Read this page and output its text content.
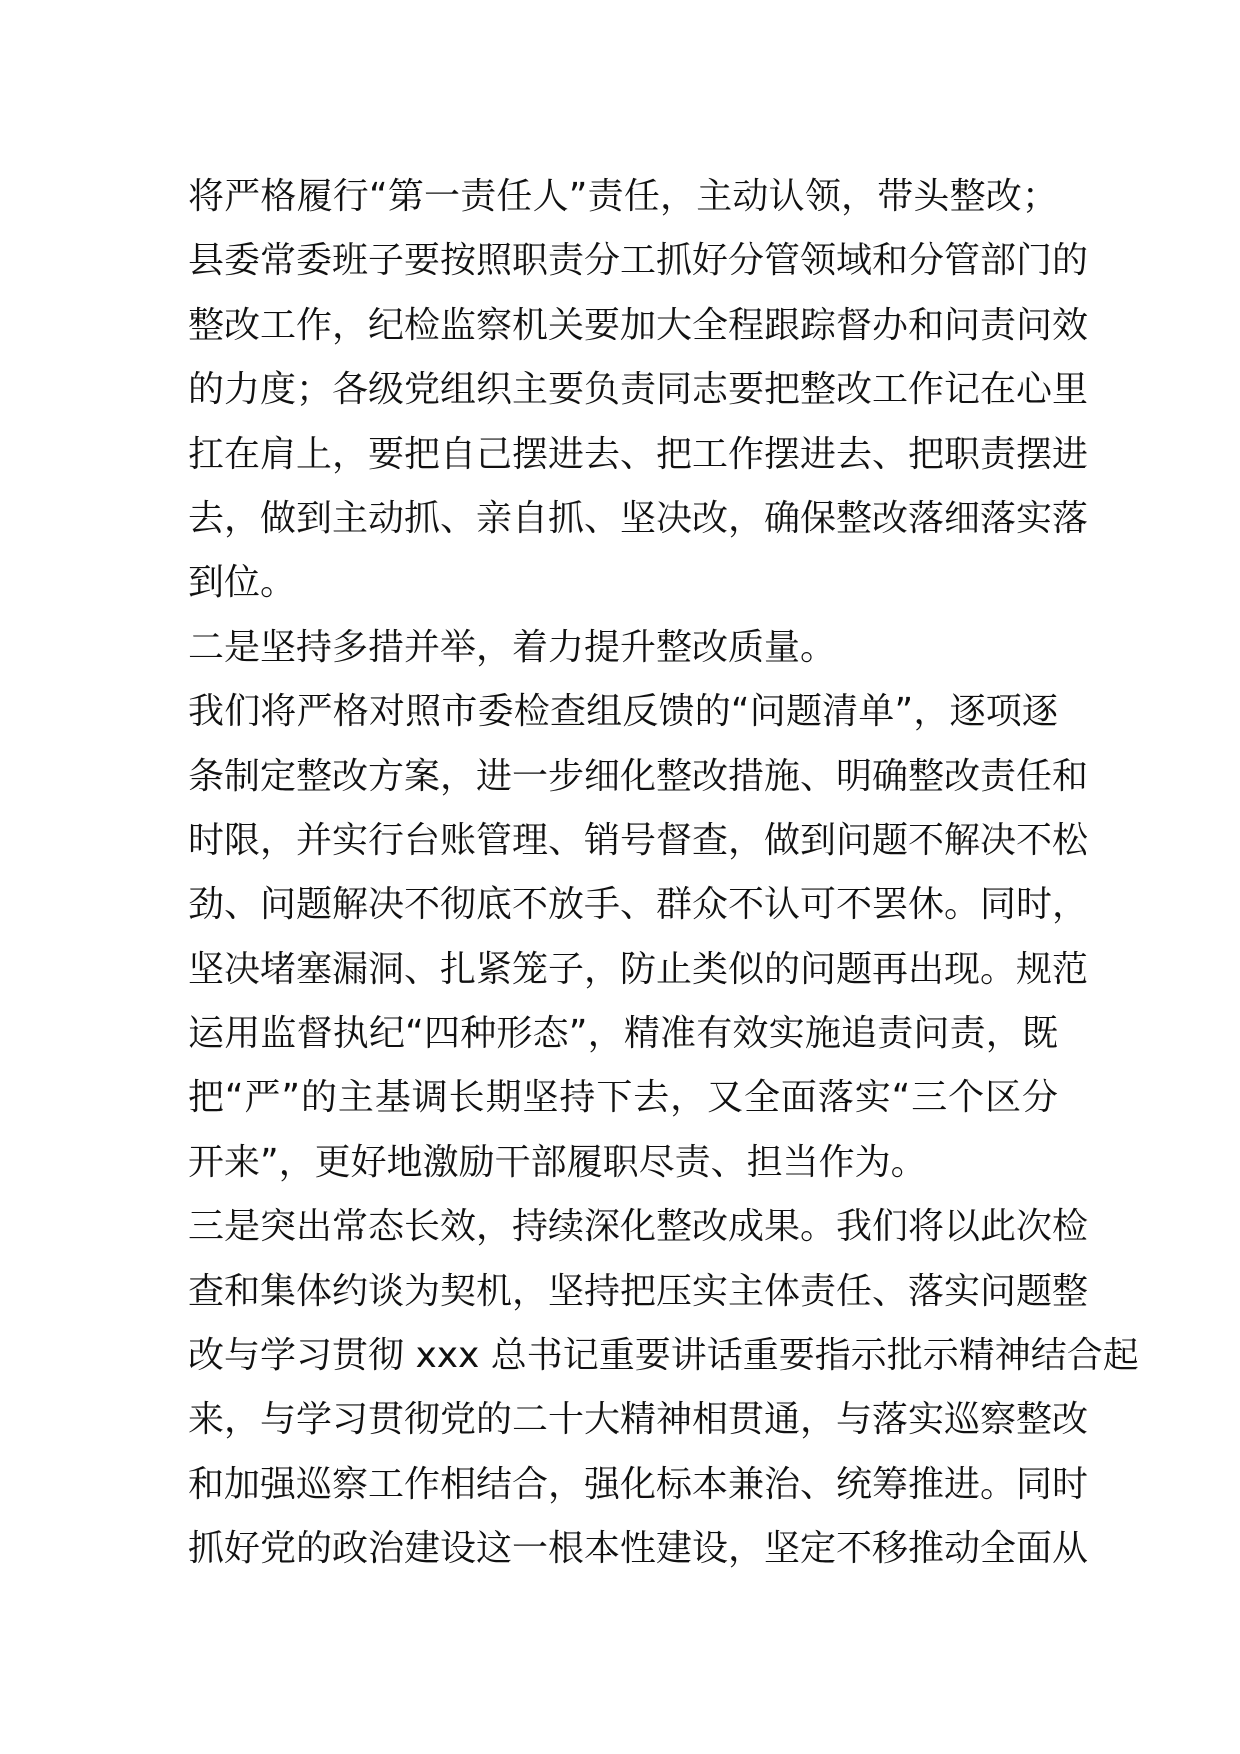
将严格履行“第一责任人”责任，主动认领，带头整改；
县委常委班子要按照职责分工抓好分管领域和分管部门的
整改工作，纪检监察机关要加大全程跟踪督办和问责问效
的力度；各级党组织主要负责同志要把整改工作记在心里
扛在肩上，要把自己摆进去、把工作摆进去、把职责摆进
去，做到主动抓、亲自抓、坚决改，确保整改落细落实落
到位。
二是坚持多措并举，着力提升整改质量。
我们将严格对照市委检查组反馈的“问题清单”，逐项逐
条制定整改方案，进一步细化整改措施、明确整改责任和
时限，并实行台账管理、销号督查，做到问题不解决不松
劲、问题解决不彻底不放手、群众不认可不罢休。同时，
坚决堵塞漏洞、扎紧笼子，防止类似的问题再出现。规范
运用监督执纪“四种形态”，精准有效实施追责问责，既
把“严”的主基调长期坚持下去，又全面落实“三个区分
开来”，更好地激励干部履职尽责、担当作为。
三是突出常态长效，持续深化整改成果。我们将以此次检
查和集体约谈为契机，坚持把压实主体责任、落实问题整
改与学习贯彻 xxx 总书记重要讲话重要指示批示精神结合起
来，与学习贯彻党的二十大精神相贯通，与落实巡察整改
和加强巡察工作相结合，强化标本兼治、统筹推进。同时
抓好党的政治建设这一根本性建设，坚定不移推动全面从
